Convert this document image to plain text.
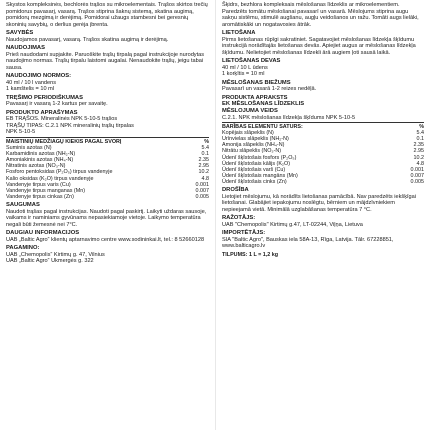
Skystos kompleksinės, bechlorės trąšos su mikroelementais. Trąšos skirtos trečių pomidorus pavasarį, vasarą. Trąšos stiprina šaknų sistemą, skatina augimą, pomidorų mezgimą ir derėjimą. Pomidorai užaugs stambesni bei geresnių skoninių savybių, o derlius gerėja įbrenta.

SAVYBĖS

Naudojamos pavasarį, vasarą. Trąšos skatina augimą ir derėjimą.

NAUDOJIMAS

Prieš naudodami supjakite. Paruoškite trąšų tirpalą pagal instrukcijoje nurodytas naudojimo normas. Trąšų tirpalu laistomi augalai. Nenaudokite trąšų, jeigu tabai sausa.

NAUDOJIMO NORMOS:

40 ml / 10 l vandens

1 kamštelis = 10 ml

TRĘŠIMO PERIODIŠKUMAS

Pavasarį ir vasarą 1-2 kartus per savaitę.

PRODUKTO APRAŠYMAS

EB TRĄŠOS. Mineralinės NPK 5-10-5 trąšos

TRĄŠŲ TIPAS: C.2.1 NPK mineralinių trąšų tirpalas

NPK 5-10-5

MAISTINIŲ MEDŽIAGŲ KIEKIS PAGAL SVORĮ	%
Suminis azotas (N)	5.4
Karbamidinis azotas (NH₂-N)	0.1
Amoniakinis azotas (NH₄-N)	2.35
Nitratinis azotas (NO₃-N)	2.95
Fosforo pentoksidas (P₂O₅) tirpus vandenyje	10.2
Kalio oksidas (K₂O) tirpus vandenyje	4.8
Vandenyje tirpus varis (Cu)	0.001
Vandenyje tirpus manganas (Mn)	0.007
Vandenyje tirpus cinkas (Zn)	0.005
SAUGUMAS

Naudoti trąšas pagal instrukcijas. Naudoti pagal paskirtį. Laikyti uždaras sausoje, vaikams ir naminiams gyvūnams nepasiekiamoje vietoje. Laikymo temperatūra negali būti žemesnė nei 7°C.

DAUGIAU INFORMACIJOS

UAB „Baltic Agro“ klientų aptarnavimo centre www.sodininkai.lt, tel.: 8 52660128

PAGAMINO:

UAB „Chemopolis“ Kirtimų g. 47, Vilnius

UAB „Baltic Agro“ Ukmergės g. 322

Šķidrs, bezhlora kompleksais mēslošanas līdzeklis ar mikroelementiem. Paredzēts tomātu mēslošanai pavasarī un vasarā. Mēslojums stiprina augu sakņu sistēmu, stimulē augšanu, augļu veidošanos un ražu. Tomāti augs lielāki, aromātiskāki un nogatavosies ātrāk.

LIETOŠANA

Pirms lietošanas rūpīgi sakratiniet. Sagatavojiet mēslošanas līdzekļa šķīdumu instrukcijā norādītajās lietošanas devās. Apiejiet augus ar mēslošanas līdzekļa šķīdumu. Nelietojiet mēslošanas līdzekli ārā augiem ļoti sausā laikā.

LIETOŠANAS DEVAS

40 ml / 10 L ūdens

1 korķītis = 10 ml

MĒSLOŠANAS BIEŽUMS

Pavasarī un vasarā 1-2 reizes nedēļā.

PRODUKTA APRAKSTS
EK MĒSLOŠANAS LĪDZEKLIS
MĒSLOJUMA VEIDS

C.2.1. NPK mēslošanas līdzekļa šķīdums NPK 5-10-5

BARĪBAS ELEMENTU SATURS:	%
Kopējais slāpeklis (N)	5.4
Urīnvielas slāpeklis (NH₂-N)	0.1
Amonija slāpeklis (NH₄-N)	2.35
Nitrātu slāpeklis (NO₃-N)	2.95
Ūdenī šķīstošais fosfors (P₂O₅)	10.2
Ūdenī šķīstošais kālijs (K₂O)	4.8
Ūdenī šķīstošais varš (Cu)	0.001
Ūdenī šķīstošais mangāns (Mn)	0.007
Ūdenī šķīstošais cinks (Zn)	0.005
DROŠĪBA

Lietojiet mēslojumu, kā norādīts lietošanas pamācībā. Nav paredzēts iekšķīgai lietošanai. Glabājiet iepakojumu noslēgtu, bērniem un mājdzīvniekiem nepieejamā vietā. Minimālā uzglabāšanas temperatūra 7 °C.

RAŽOTĀJS:

UAB "Chemopolis" Kirtimų g.47, LT-02244, Viļņa, Lietuva

IMPORTĒTĀJS:

SIA "Baltic Agro", Bauskas iela 58A-13, Rīga, Latvija. Tālr. 67228851, www.balticagro.lv

TILPUMS: 1 L = 1,2 kg
